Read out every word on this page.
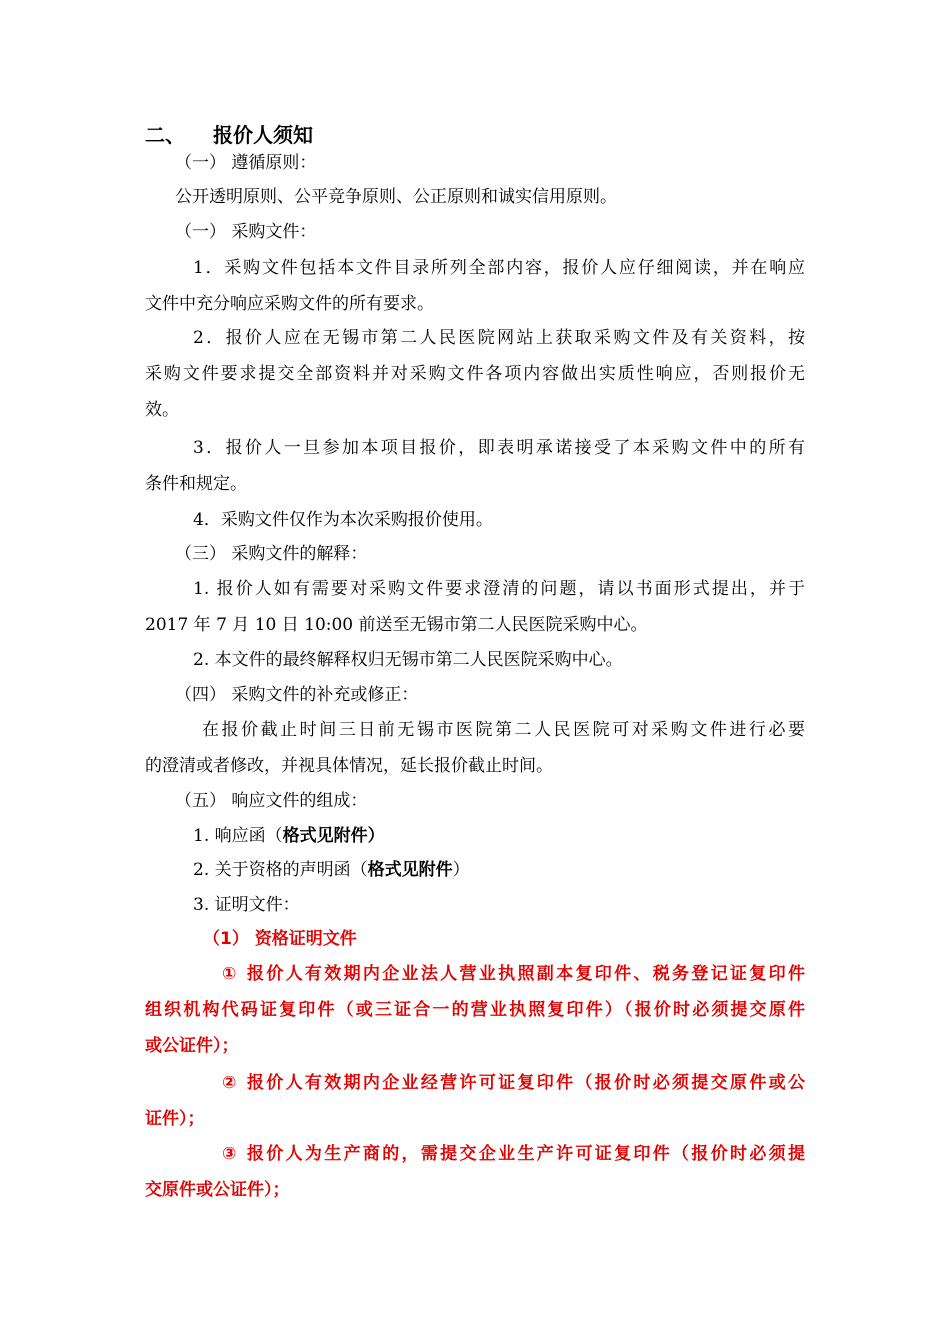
二、 报价人须知
（一） 遵循原则：
公开透明原则、公平竞争原则、公正原则和诚实信用原则。
（一） 采购文件：
1．采购文件包括本文件目录所列全部内容，报价人应仔细阅读，并在响应
文件中充分响应采购文件的所有要求。
2．报价人应在无锡市第二人民医院网站上获取采购文件及有关资料，按
采购文件要求提交全部资料并对采购文件各项内容做出实质性响应，否则报价无
效。
3．报价人一旦参加本项目报价，即表明承诺接受了本采购文件中的所有
条件和规定。
4．采购文件仅作为本次采购报价使用。
（三） 采购文件的解释：
1. 报价人如有需要对采购文件要求澄清的问题，请以书面形式提出，并于
2017 年 7 月 10 日 10:00 前送至无锡市第二人民医院采购中心。
2. 本文件的最终解释权归无锡市第二人民医院采购中心。
（四） 采购文件的补充或修正：
在报价截止时间三日前无锡市医院第二人民医院可对采购文件进行必要
的澄清或者修改，并视具体情况，延长报价截止时间。
（五） 响应文件的组成：
1. 响应函（格式见附件）
2. 关于资格的声明函（格式见附件）
3. 证明文件：
（1） 资格证明文件
① 报价人有效期内企业法人营业执照副本复印件、税务登记证复印件
组织机构代码证复印件（或三证合一的营业执照复印件）（报价时必须提交原件
或公证件）；
② 报价人有效期内企业经营许可证复印件（报价时必须提交原件或公
证件）；
③ 报价人为生产商的，需提交企业生产许可证复印件（报价时必须提
交原件或公证件）；
